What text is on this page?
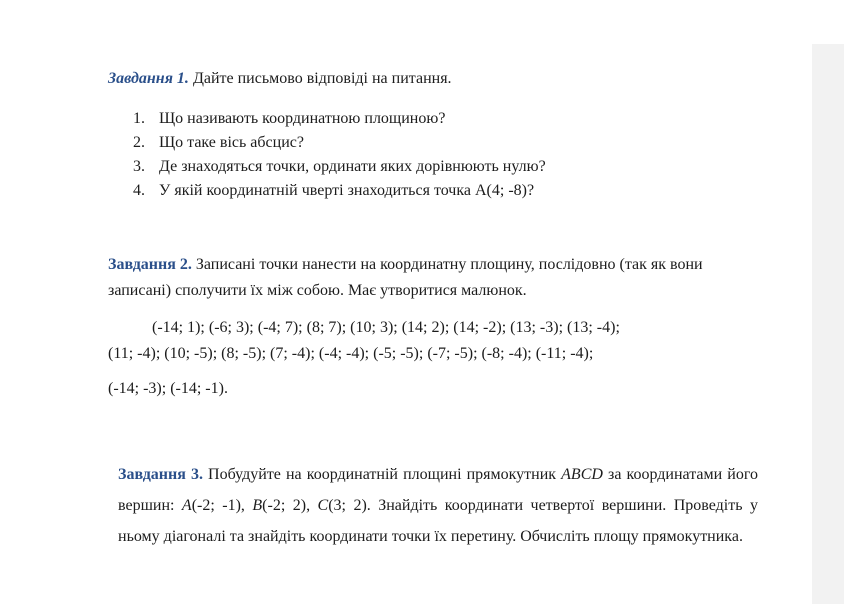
Завдання 1. Дайте письмово відповіді на питання.
1. Що називають координатною площиною?
2. Що таке вісь абсцис?
3. Де знаходяться точки, ординати яких дорівнюють нулю?
4. У якій координатній чверті знаходиться точка А(4; -8)?
Завдання 2. Записані точки нанести на координатну площину, послідовно (так як вони записані) сполучити їх між собою. Має утворитися малюнок.
(-14; 1); (-6; 3); (-4; 7); (8; 7); (10; 3); (14; 2); (14; -2); (13; -3); (13; -4);
(11; -4); (10; -5); (8; -5); (7; -4); (-4; -4); (-5; -5); (-7; -5); (-8; -4); (-11; -4);
(-14; -3); (-14; -1).
Завдання 3. Побудуйте на координатній площині прямокутник ABCD за координатами його вершин: A(-2; -1), B(-2; 2), C(3; 2). Знайдіть координати четвертої вершини. Проведіть у ньому діагоналі та знайдіть координати точки їх перетину. Обчисліть площу прямокутника.
